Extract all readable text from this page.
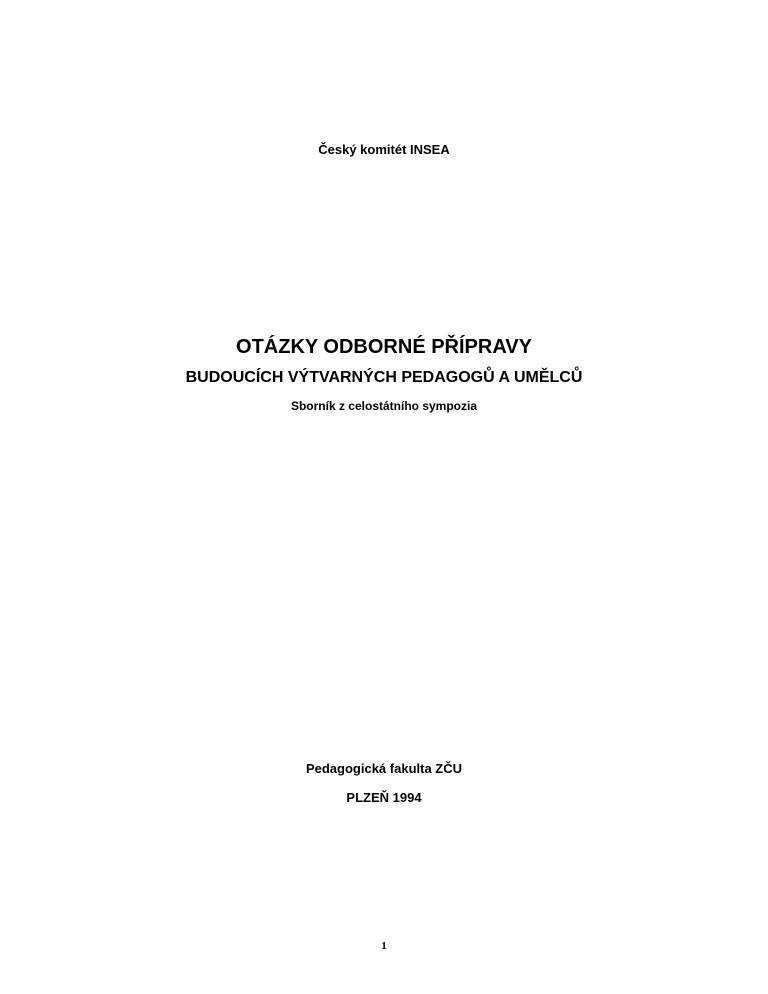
Český komitét INSEA
OTÁZKY ODBORNÉ PŘÍPRAVY
BUDOUCÍCH VÝTVARNÝCH PEDAGOGŮ A UMĚLCŮ
Sborník z celostátního sympozia
Pedagogická fakulta ZČU
PLZEŇ 1994
1
